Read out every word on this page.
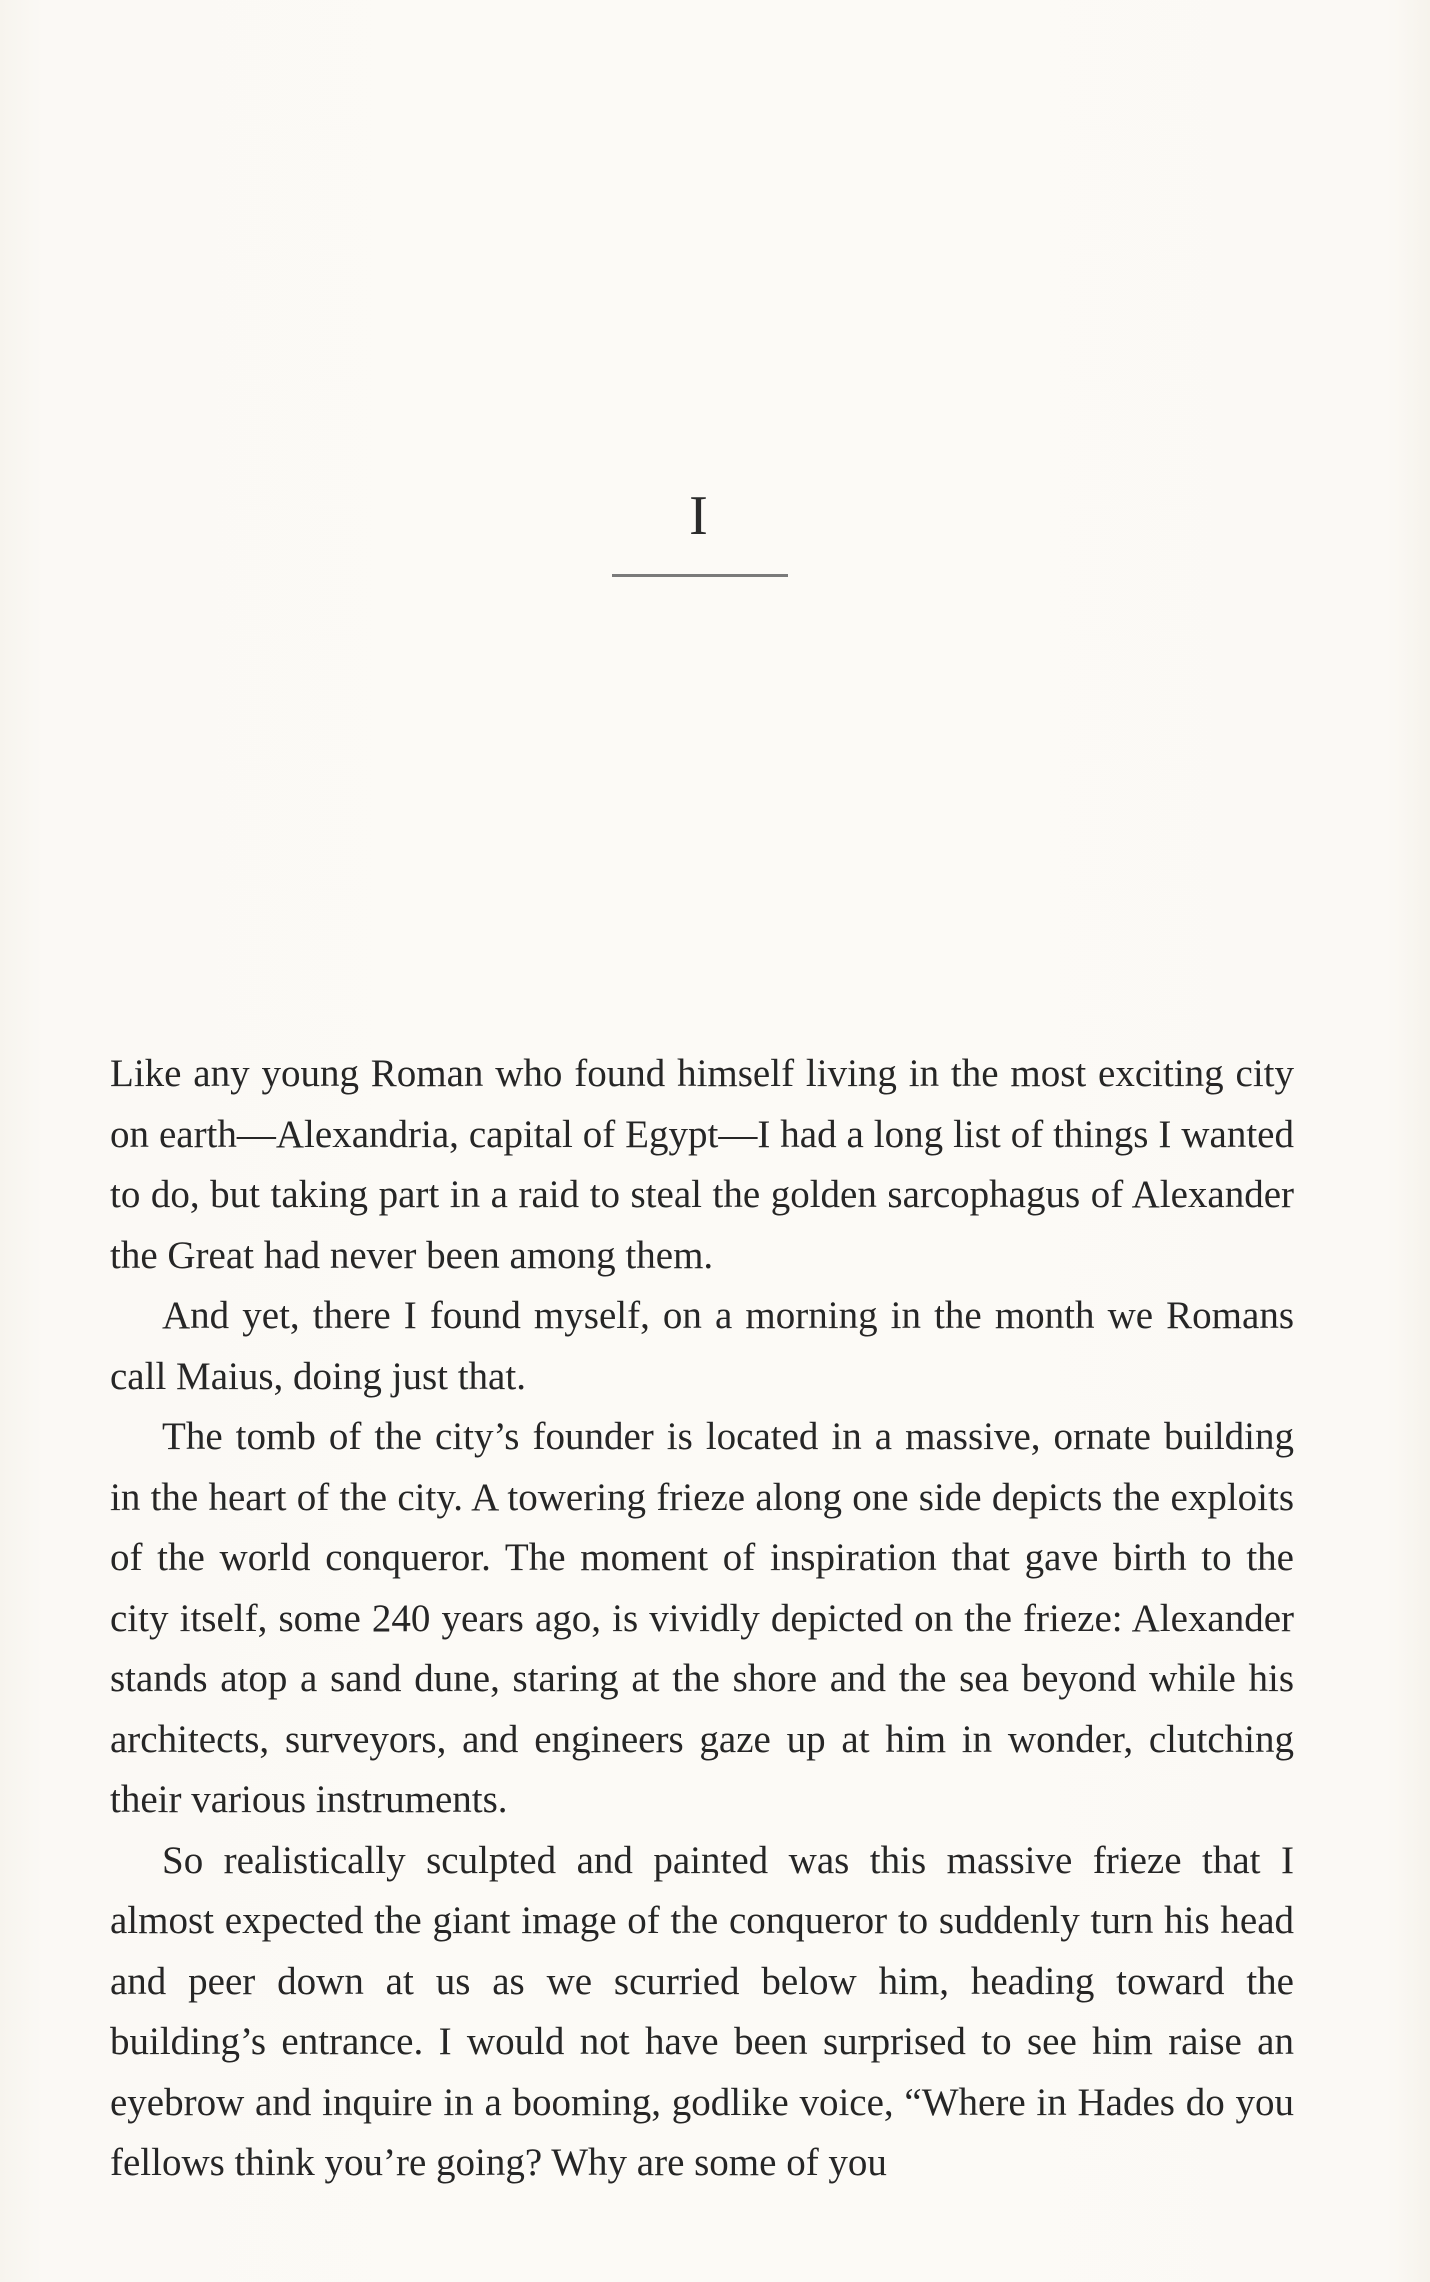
I

Like any young Roman who found himself living in the most exciting city on earth—Alexandria, capital of Egypt—I had a long list of things I wanted to do, but taking part in a raid to steal the golden sarcophagus of Alexander the Great had never been among them.

And yet, there I found myself, on a morning in the month we Romans call Maius, doing just that.

The tomb of the city’s founder is located in a massive, ornate building in the heart of the city. A towering frieze along one side depicts the exploits of the world conqueror. The moment of inspiration that gave birth to the city itself, some 240 years ago, is vividly depicted on the frieze: Alexander stands atop a sand dune, staring at the shore and the sea beyond while his architects, surveyors, and engineers gaze up at him in wonder, clutching their various instruments.

So realistically sculpted and painted was this massive frieze that I almost expected the giant image of the conqueror to suddenly turn his head and peer down at us as we scurried below him, heading toward the building’s entrance. I would not have been surprised to see him raise an eyebrow and inquire in a booming, godlike voice, “Where in Hades do you fellows think you’re going? Why are some of you
